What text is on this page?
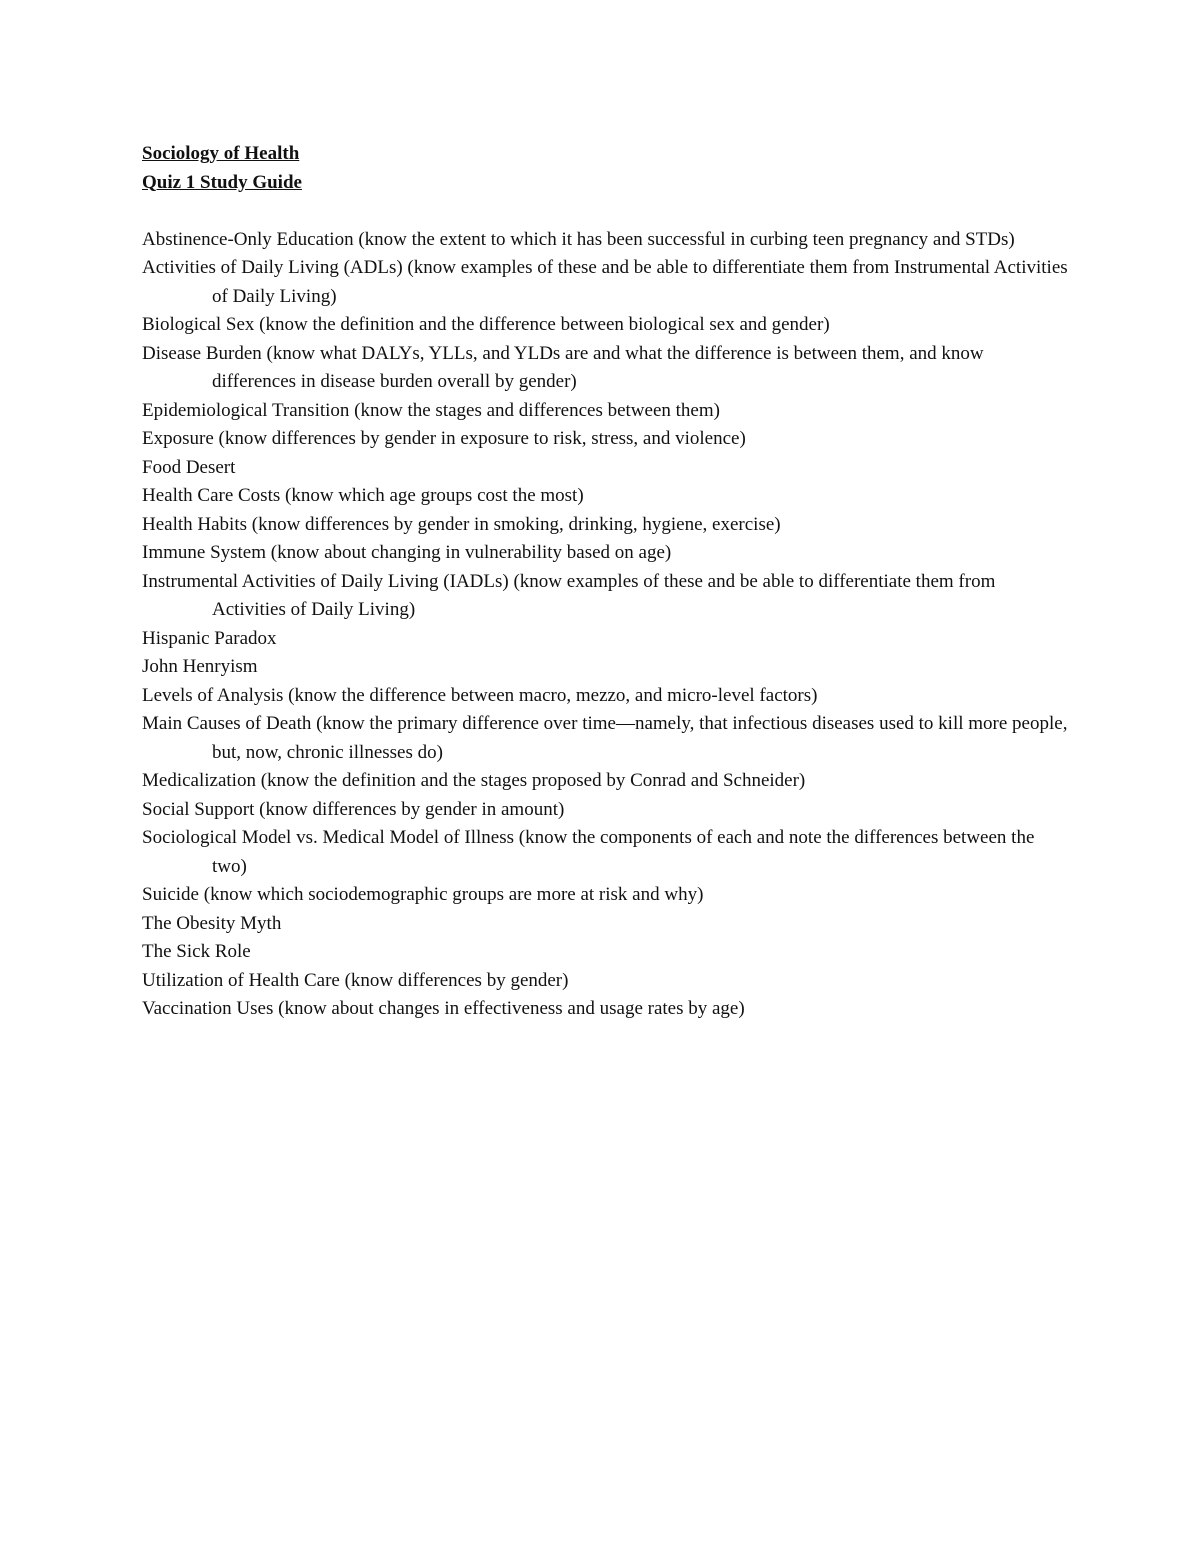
Sociology of Health

Quiz 1 Study Guide

Abstinence-Only Education (know the extent to which it has been successful in curbing teen pregnancy and STDs)
Activities of Daily Living (ADLs) (know examples of these and be able to differentiate them from Instrumental Activities of Daily Living)
Biological Sex (know the definition and the difference between biological sex and gender)
Disease Burden (know what DALYs, YLLs, and YLDs are and what the difference is between them, and know differences in disease burden overall by gender)
Epidemiological Transition (know the stages and differences between them)
Exposure (know differences by gender in exposure to risk, stress, and violence)
Food Desert
Health Care Costs (know which age groups cost the most)
Health Habits (know differences by gender in smoking, drinking, hygiene, exercise)
Immune System (know about changing in vulnerability based on age)
Instrumental Activities of Daily Living (IADLs) (know examples of these and be able to differentiate them from Activities of Daily Living)
Hispanic Paradox
John Henryism
Levels of Analysis (know the difference between macro, mezzo, and micro-level factors)
Main Causes of Death (know the primary difference over time—namely, that infectious diseases used to kill more people, but, now, chronic illnesses do)
Medicalization (know the definition and the stages proposed by Conrad and Schneider)
Social Support (know differences by gender in amount)
Sociological Model vs. Medical Model of Illness (know the components of each and note the differences between the two)
Suicide (know which sociodemographic groups are more at risk and why)
The Obesity Myth
The Sick Role
Utilization of Health Care (know differences by gender)
Vaccination Uses (know about changes in effectiveness and usage rates by age)
